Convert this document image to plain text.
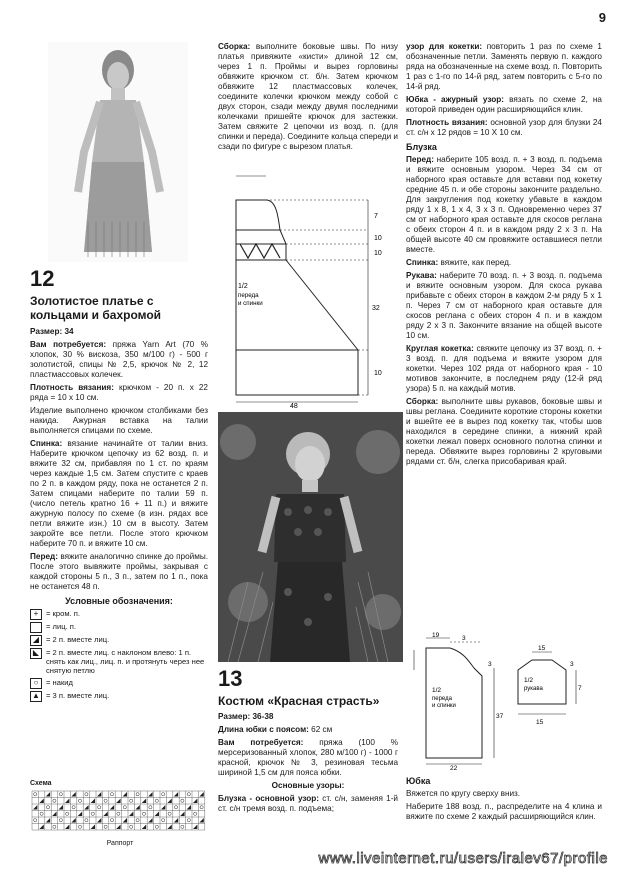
9
12
Золотистое платье с кольцами и бахромой

Размер: 34

Вам потребуется: пряжа Yarn Art (70 % хлопок, 30 % вискоза, 350 м/100 г) - 500 г золотистой, спицы № 2,5, крючок № 2, 12 пластмассовых колечек.

Плотность вязания: крючком - 20 п. х 22 ряда = 10 х 10 см.

Изделие выполнено крючком столбиками без накида. Ажурная вставка на талии выполняется спицами по схеме.

Спинка: вязание начинайте от талии вниз. Наберите крючком цепочку из 62 возд. п. и вяжите 32 см, прибавляя по 1 ст. по краям через каждые 1,5 см. Затем спустите с краев по 2 п. в каждом ряду, пока не останется 2 п. Затем спицами наберите по талии 59 п. (число петель кратно 16 + 11 п.) и вяжите ажурную полосу по схеме (в изн. рядах все петли вяжите изн.) 10 см в высоту. Затем закройте все петли. После этого крючком наберите 70 п. и вяжите 10 см.

Перед: вяжите аналогично спинке до проймы. После этого вывяжите проймы, закрывая с каждой стороны 5 п., 3 п., затем по 1 п., пока не останется 48 п.

Условные обозначения:
+	= кром. п.
= лиц. п.
◢ = 2 п. вместе лиц.
◣ = 2 п. вместе лиц. с наклоном влево: 1 п. снять как лиц., лиц. п. и протянуть через нее снятую петлю
○ = накид
▲ = 3 п. вместе лиц.
Схема
Раппорт

Сборка: выполните боковые швы. По низу платья привяжите «кисти» длиной 12 см, через 1 п. Проймы и вырез горловины обвяжите крючком ст. б/н. Затем крючком обвяжите 12 пластмассовых колечек, соедините колечки крючком между собой с двух сторон, сзади между двумя последними колечками пришейте крючок для застежки. Затем свяжите 2 цепочки из возд. п. (для спинки и переда). Соедините кольца спереди и сзади по фигуре с вырезом платья.

1/2
переда
и спинки
7
10
10
32
10
48
13
Костюм «Красная страсть»

Размер: 36-38

Длина юбки с поясом: 62 см

Вам потребуется: пряжа (100 % мерсеризованный хлопок, 280 м/100 г) - 1000 г красной, крючок № 3, резиновая тесьма шириной 1,5 см для пояса юбки.

Основные узоры:

Блузка - основной узор: ст. с/н, заменяя 1-й ст. с/н тремя возд. п. подъема;

узор для кокетки: повторить 1 раз по схеме 1 обозначенные петли. Заменять первую п. каждого ряда на обозначенные на схеме возд. п. Повторить 1 раз с 1-го по 14-й ряд, затем повторить с 5-го по 14-й ряд.

Юбка - ажурный узор: вязать по схеме 2, на которой приведен один расширяющийся клин.

Плотность вязания: основной узор для блузки 24 ст. с/н х 12 рядов = 10 Х 10 см.

Блузка

Перед: наберите 105 возд. п. + 3 возд. п. подъема и вяжите основным узором. Через 34 см от наборного края оставьте для вставки под кокетку средние 45 п. и обе стороны закончите раздельно. Для закругления под кокетку убавьте в каждом ряду 1 х 8, 1 х 4, 3 х 3 п. Одновременно через 37 см от наборного края оставьте для скосов реглана с обеих сторон 4 п. и в каждом ряду 2 х 3 п. На общей высоте 40 см провяжите оставшиеся петли вместе.

Спинка: вяжите, как перед.

Рукава: наберите 70 возд. п. + 3 возд. п. подъема и вяжите основным узором. Для скоса рукава прибавьте с обеих сторон в каждом 2-м ряду 5 х 1 п. Через 7 см от наборного края оставьте для скосов реглана с обеих сторон 4 п. и в каждом ряду 2 х 3 п. Закончите вязание на общей высоте 10 см.

Круглая кокетка: свяжите цепочку из 37 возд. п. + 3 возд. п. для подъема и вяжите узором для кокетки. Через 102 ряда от наборного края - 10 мотивов закончите, в последнем ряду (12-й ряд узора) 5 п. на каждый мотив.

Сборка: выполните швы рукавов, боковые швы и швы реглана. Соедините короткие стороны кокетки и вшейте ее в вырез под кокетку так, чтобы шов находился в середине спинки, а нижний край кокетки лежал поверх основного полотна спинки и переда. Обвяжите вырез горловины 2 круговыми рядами ст. б/н, слегка присобаривая край.

1/2
переда
и спинки
19	3
3
37
22
1/2
рукава
15
7
3
15
Юбка

Вяжется по кругу сверху вниз.

Наберите 188 возд. п., распределите на 4 клина и вяжите по схеме 2 каждый расширяющийся клин.

www.liveinternet.ru/users/iralev67/profile
